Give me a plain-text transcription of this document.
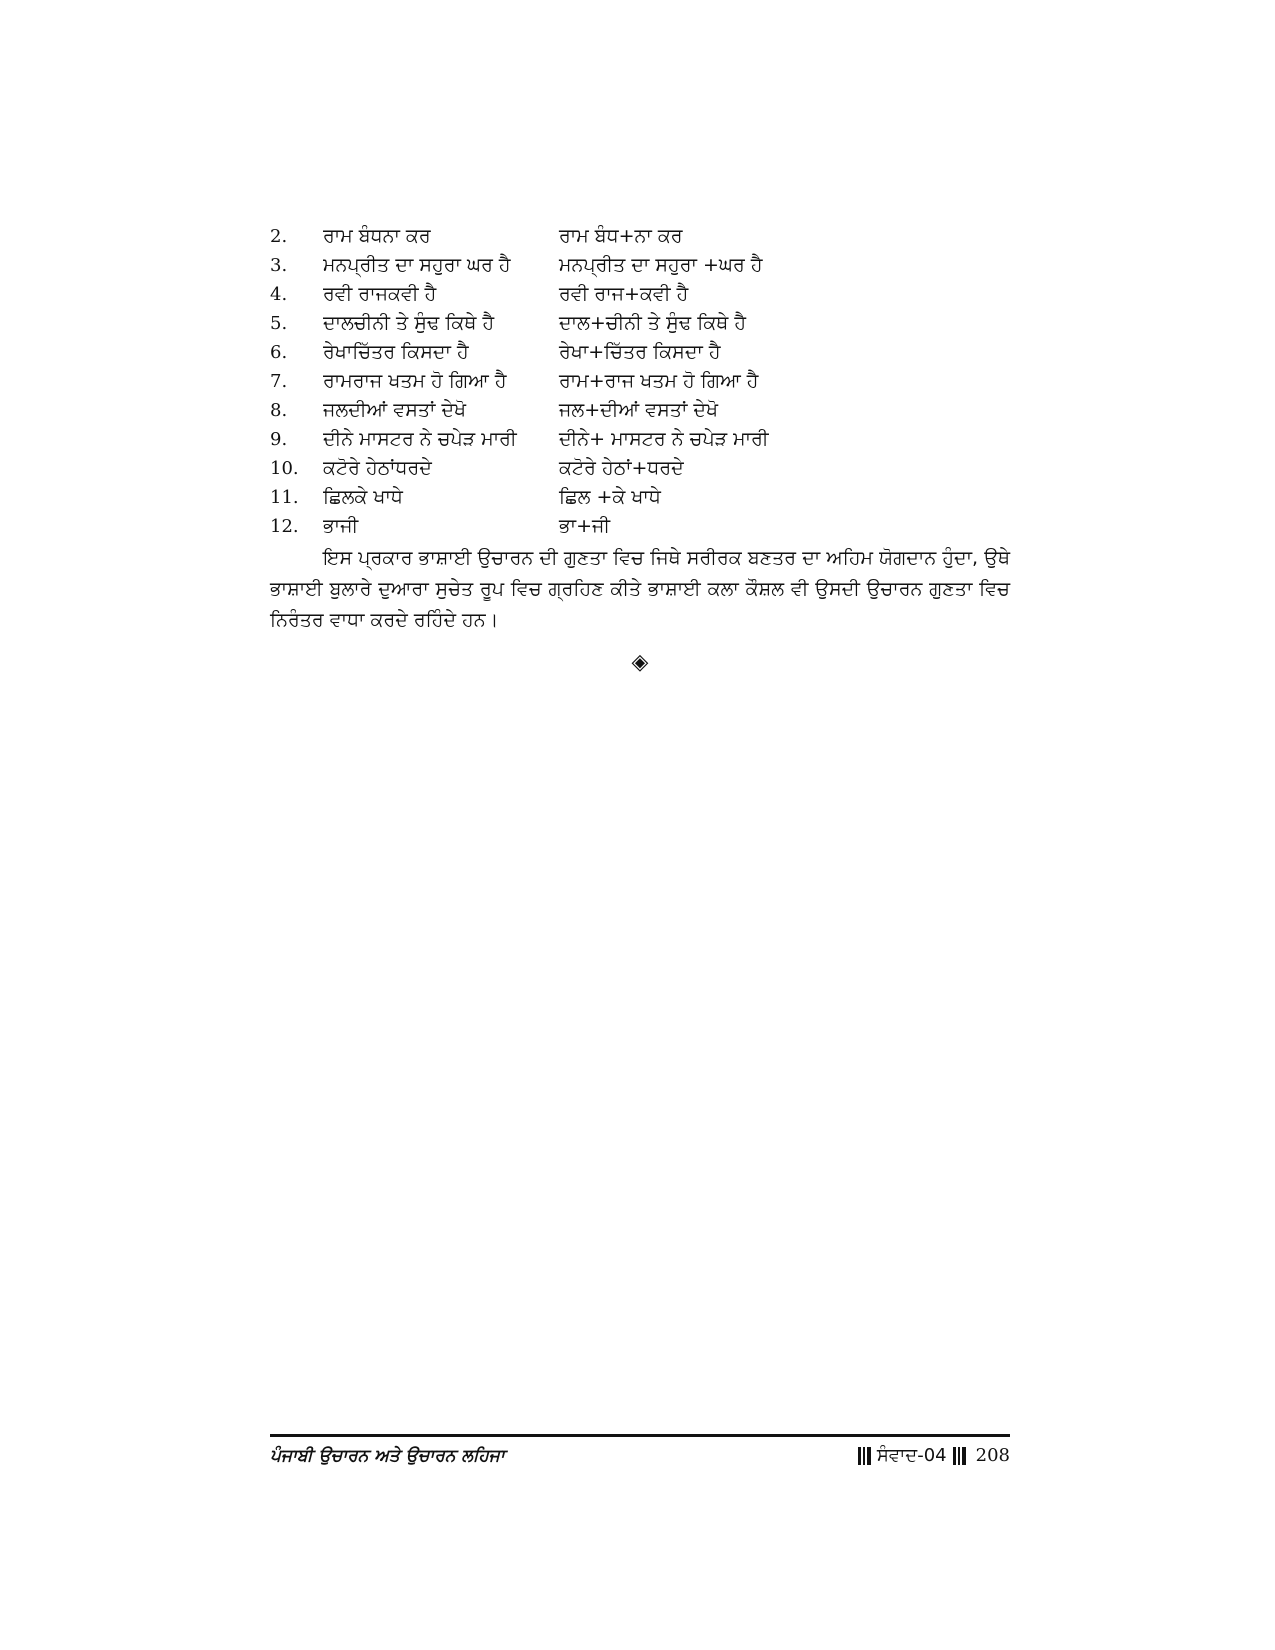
2.	ਰਾਮ ਬੰਧਨਾ ਕਰ	ਰਾਮ ਬੰਧ+ਨਾ ਕਰ
3.	ਮਨਪ੍ਰੀਤ ਦਾ ਸਹੁਰਾ ਘਰ ਹੈ	ਮਨਪ੍ਰੀਤ ਦਾ ਸਹੁਰਾ +ਘਰ ਹੈ
4.	ਰਵੀ ਰਾਜਕਵੀ ਹੈ	ਰਵੀ ਰਾਜ+ਕਵੀ ਹੈ
5.	ਦਾਲਚੀਨੀ ਤੇ ਸੁੰਢ ਕਿਥੇ ਹੈ	ਦਾਲ+ਚੀਨੀ ਤੇ ਸੁੰਢ ਕਿਥੇ ਹੈ
6.	ਰੇਖਾਚਿੱਤਰ ਕਿਸਦਾ ਹੈ	ਰੇਖਾ+ਚਿੱਤਰ ਕਿਸਦਾ ਹੈ
7.	ਰਾਮਰਾਜ ਖਤਮ ਹੋ ਗਿਆ ਹੈ	ਰਾਮ+ਰਾਜ ਖਤਮ ਹੋ ਗਿਆ ਹੈ
8.	ਜਲਦੀਆਂ ਵਸਤਾਂ ਦੇਖੋ	ਜਲ+ਦੀਆਂ ਵਸਤਾਂ ਦੇਖੋ
9.	ਦੀਨੇ ਮਾਸਟਰ ਨੇ ਚਪੇੜ ਮਾਰੀ	ਦੀਨੇ+ ਮਾਸਟਰ ਨੇ ਚਪੇੜ ਮਾਰੀ
10.	ਕਟੋਰੇ ਹੇਠਾਂਧਰਦੇ	ਕਟੋਰੇ ਹੇਠਾਂ+ਧਰਦੇ
11.	ਛਿਲਕੇ ਖਾਧੇ	ਛਿਲ +ਕੇ ਖਾਧੇ
12.	ਭਾਜੀ	ਭਾ+ਜੀ

ਇਸ ਪ੍ਰਕਾਰ ਭਾਸ਼ਾਈ ਉਚਾਰਨ ਦੀ ਗੁਣਤਾ ਵਿਚ ਜਿਥੇ ਸਰੀਰਕ ਬਣਤਰ ਦਾ ਅਹਿਮ ਯੋਗਦਾਨ ਹੁੰਦਾ, ਉਥੇ ਭਾਸ਼ਾਈ ਬੁਲਾਰੇ ਦੁਆਰਾ ਸੁਚੇਤ ਰੂਪ ਵਿਚ ਗ੍ਰਹਿਣ ਕੀਤੇ ਭਾਸ਼ਾਈ ਕਲਾ ਕੌਸ਼ਲ ਵੀ ਉਸਦੀ ਉਚਾਰਨ ਗੁਣਤਾ ਵਿਚ ਨਿਰੰਤਰ ਵਾਧਾ ਕਰਦੇ ਰਹਿੰਦੇ ਹਨ।

◈
ਪੰਜਾਬੀ ਉਚਾਰਨ ਅਤੇ ਉਚਾਰਨ ਲਹਿਜਾ	ਸੰਵਾਦ-04 208
